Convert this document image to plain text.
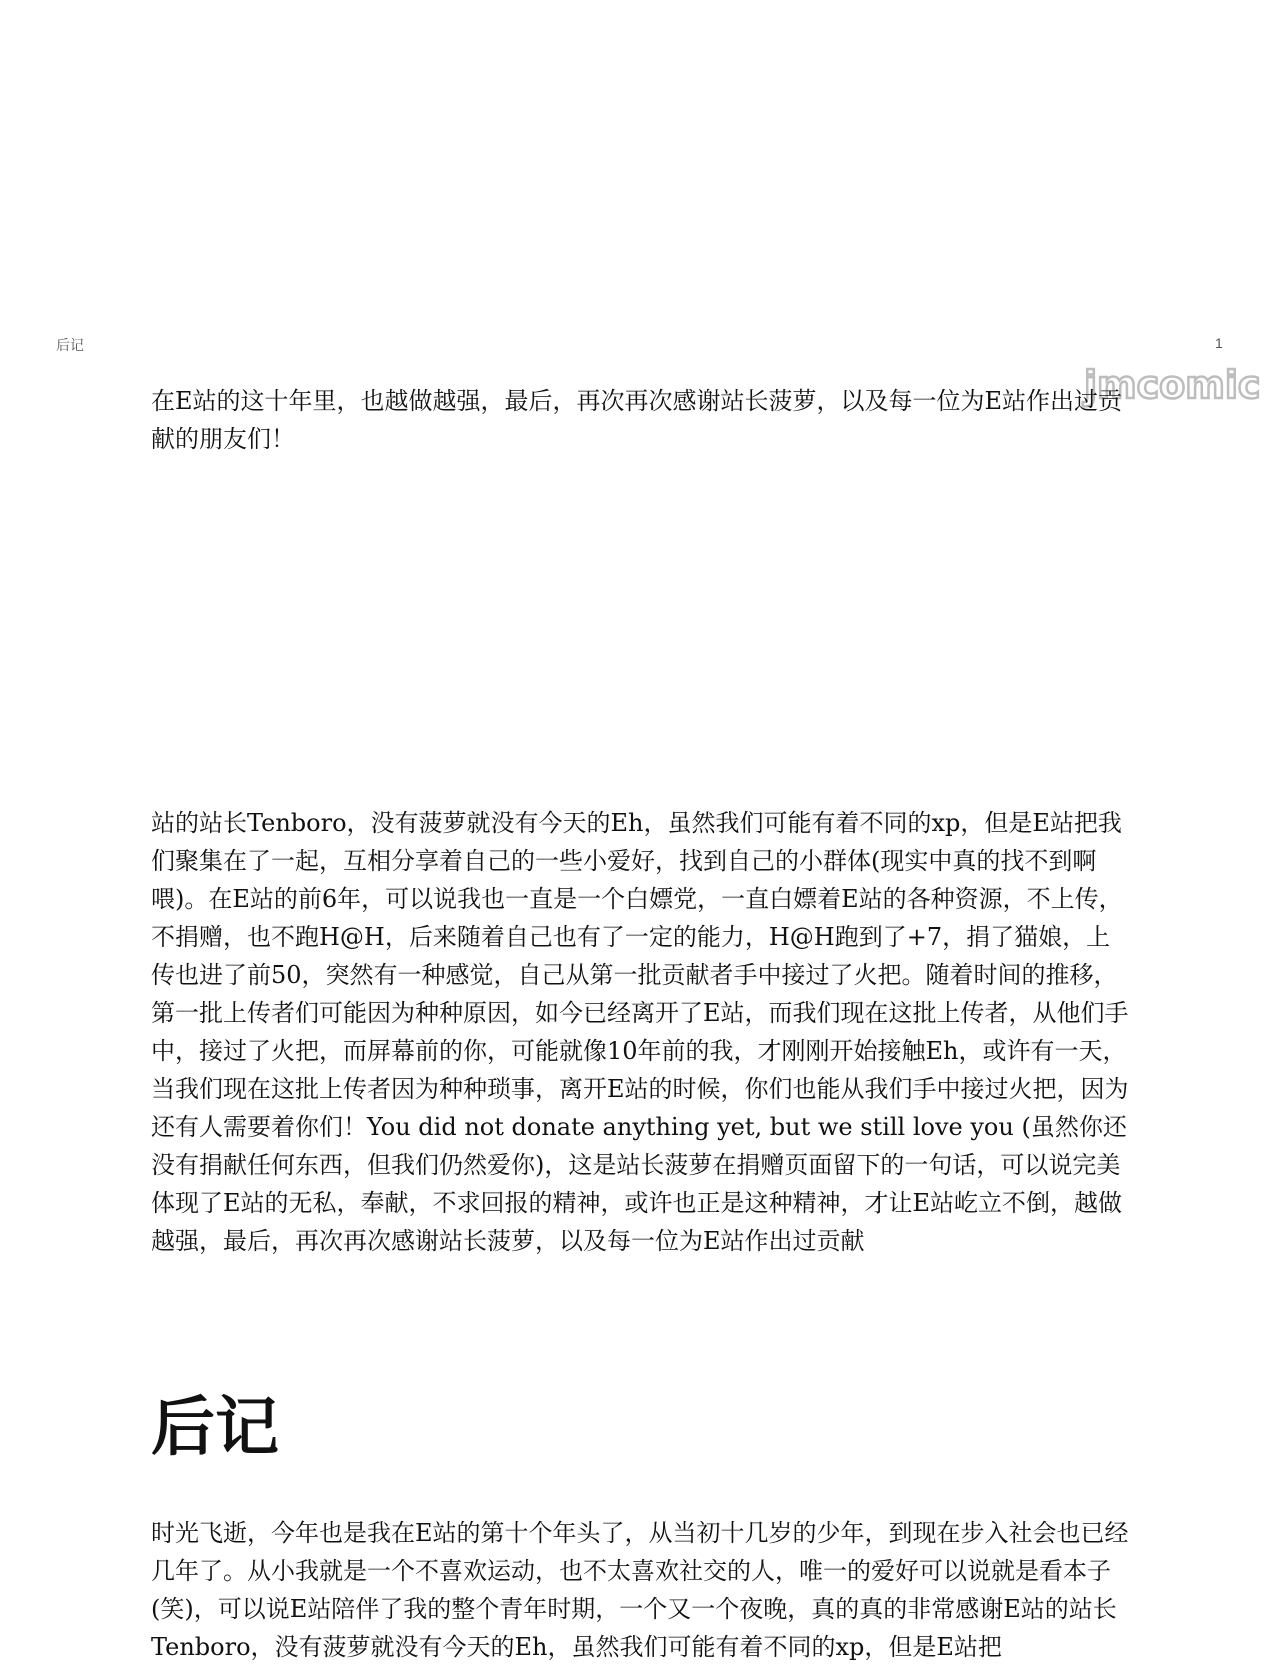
后记	1
jmcomic

在E站的这十年里，也越做越强，最后，再次再次感谢站长菠萝，以及每一位为E站作出过贡献的朋友们！

站的站长Tenboro，没有菠萝就没有今天的Eh，虽然我们可能有着不同的xp，但是E站把我们聚集在了一起，互相分享着自己的一些小爱好，找到自己的小群体(现实中真的找不到啊喂)。在E站的前6年，可以说我也一直是一个白嫖党，一直白嫖着E站的各种资源，不上传，不捐赠，也不跑H@H，后来随着自己也有了一定的能力，H@H跑到了+7，捐了猫娘，上传也进了前50，突然有一种感觉，自己从第一批贡献者手中接过了火把。随着时间的推移，第一批上传者们可能因为种种原因，如今已经离开了E站，而我们现在这批上传者，从他们手中，接过了火把，而屏幕前的你，可能就像10年前的我，才刚刚开始接触Eh，或许有一天，当我们现在这批上传者因为种种琐事，离开E站的时候，你们也能从我们手中接过火把，因为还有人需要着你们！You did not donate anything yet, but we still love you (虽然你还没有捐献任何东西，但我们仍然爱你)，这是站长菠萝在捐赠页面留下的一句话，可以说完美体现了E站的无私，奉献，不求回报的精神，或许也正是这种精神，才让E站屹立不倒，越做越强，最后，再次再次感谢站长菠萝，以及每一位为E站作出过贡献

后记

时光飞逝，今年也是我在E站的第十个年头了，从当初十几岁的少年，到现在步入社会也已经几年了。从小我就是一个不喜欢运动，也不太喜欢社交的人，唯一的爱好可以说就是看本子(笑)，可以说E站陪伴了我的整个青年时期，一个又一个夜晚，真的真的非常感谢E站的站长Tenboro，没有菠萝就没有今天的Eh，虽然我们可能有着不同的xp，但是E站把
